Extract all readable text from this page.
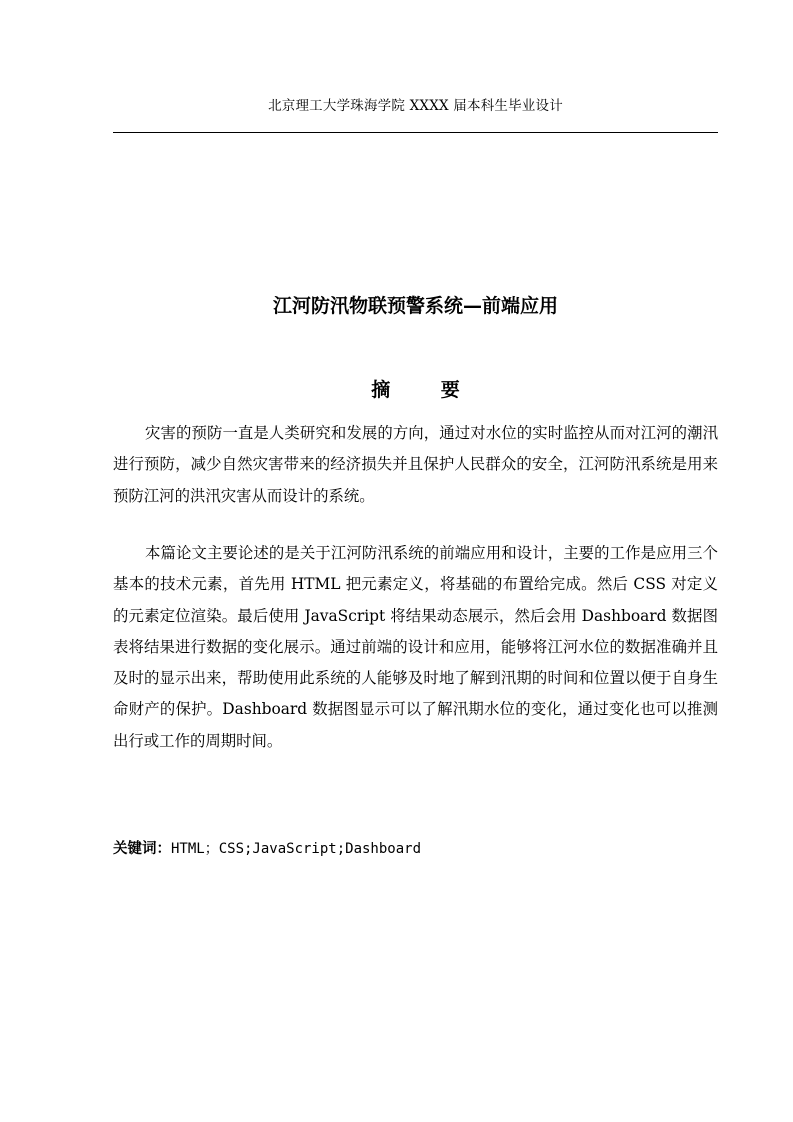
北京理工大学珠海学院 XXXX 届本科生毕业设计
江河防汛物联预警系统—前端应用
摘 要

灾害的预防一直是人类研究和发展的方向，通过对水位的实时监控从而对江河的潮汛进行预防，减少自然灾害带来的经济损失并且保护人民群众的安全，江河防汛系统是用来预防江河的洪汛灾害从而设计的系统。

本篇论文主要论述的是关于江河防汛系统的前端应用和设计，主要的工作是应用三个基本的技术元素，首先用 HTML 把元素定义，将基础的布置给完成。然后 CSS 对定义的元素定位渲染。最后使用 JavaScript 将结果动态展示，然后会用 Dashboard 数据图表将结果进行数据的变化展示。通过前端的设计和应用，能够将江河水位的数据准确并且及时的显示出来，帮助使用此系统的人能够及时地了解到汛期的时间和位置以便于自身生命财产的保护。Dashboard 数据图显示可以了解汛期水位的变化，通过变化也可以推测出行或工作的周期时间。

关键词：HTML；CSS;JavaScript;Dashboard
